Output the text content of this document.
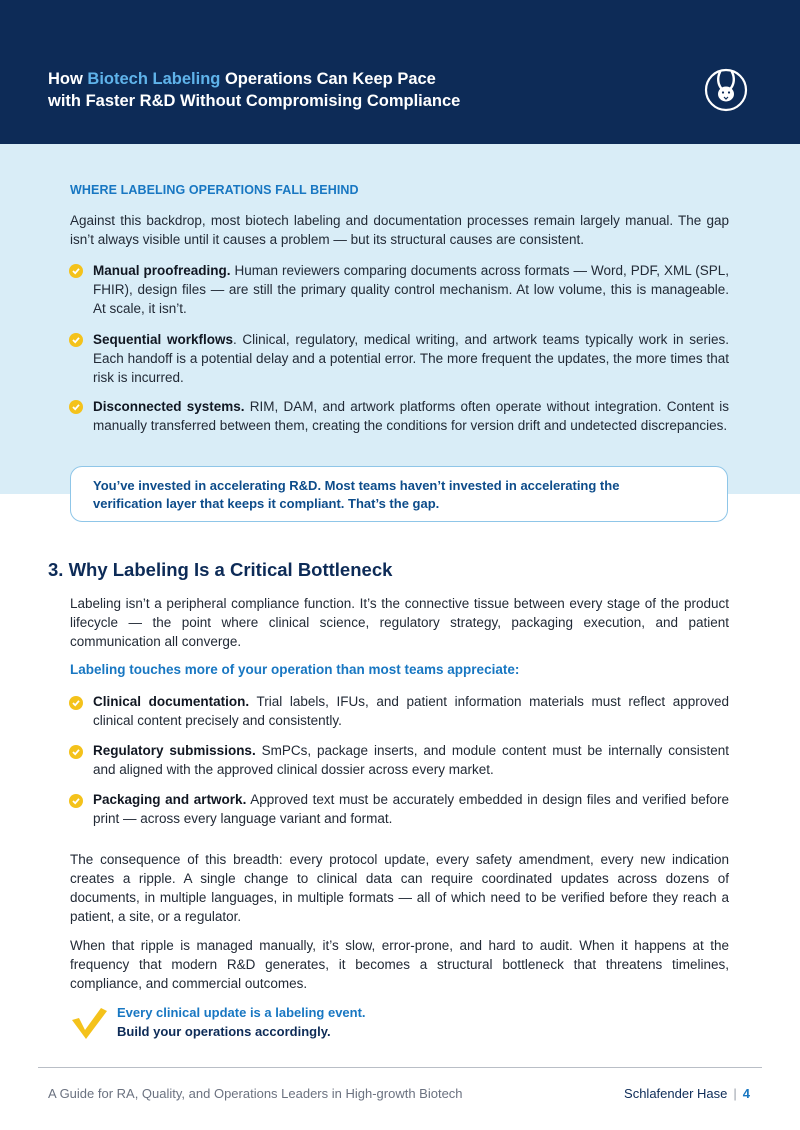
How Biotech Labeling Operations Can Keep Pace
with Faster R&D Without Compromising Compliance
WHERE LABELING OPERATIONS FALL BEHIND
Against this backdrop, most biotech labeling and documentation processes remain largely manual. The gap isn’t always visible until it causes a problem — but its structural causes are consistent.
Manual proofreading. Human reviewers comparing documents across formats — Word, PDF, XML (SPL, FHIR), design files — are still the primary quality control mechanism. At low volume, this is manageable. At scale, it isn’t.
Sequential workflows. Clinical, regulatory, medical writing, and artwork teams typically work in series. Each handoff is a potential delay and a potential error. The more frequent the updates, the more times that risk is incurred.
Disconnected systems. RIM, DAM, and artwork platforms often operate without integration. Content is manually transferred between them, creating the conditions for version drift and undetected discrepancies.
You’ve invested in accelerating R&D. Most teams haven’t invested in accelerating the verification layer that keeps it compliant. That’s the gap.
3. Why Labeling Is a Critical Bottleneck
Labeling isn’t a peripheral compliance function. It’s the connective tissue between every stage of the product lifecycle — the point where clinical science, regulatory strategy, packaging execution, and patient communication all converge.
Labeling touches more of your operation than most teams appreciate:
Clinical documentation. Trial labels, IFUs, and patient information materials must reflect approved clinical content precisely and consistently.
Regulatory submissions. SmPCs, package inserts, and module content must be internally consistent and aligned with the approved clinical dossier across every market.
Packaging and artwork. Approved text must be accurately embedded in design files and verified before print — across every language variant and format.
The consequence of this breadth: every protocol update, every safety amendment, every new indication creates a ripple. A single change to clinical data can require coordinated updates across dozens of documents, in multiple languages, in multiple formats — all of which need to be verified before they reach a patient, a site, or a regulator.
When that ripple is managed manually, it’s slow, error-prone, and hard to audit. When it happens at the frequency that modern R&D generates, it becomes a structural bottleneck that threatens timelines, compliance, and commercial outcomes.
Every clinical update is a labeling event.
Build your operations accordingly.
A Guide for RA, Quality, and Operations Leaders in High-growth Biotech	Schlafender Hase | 4
